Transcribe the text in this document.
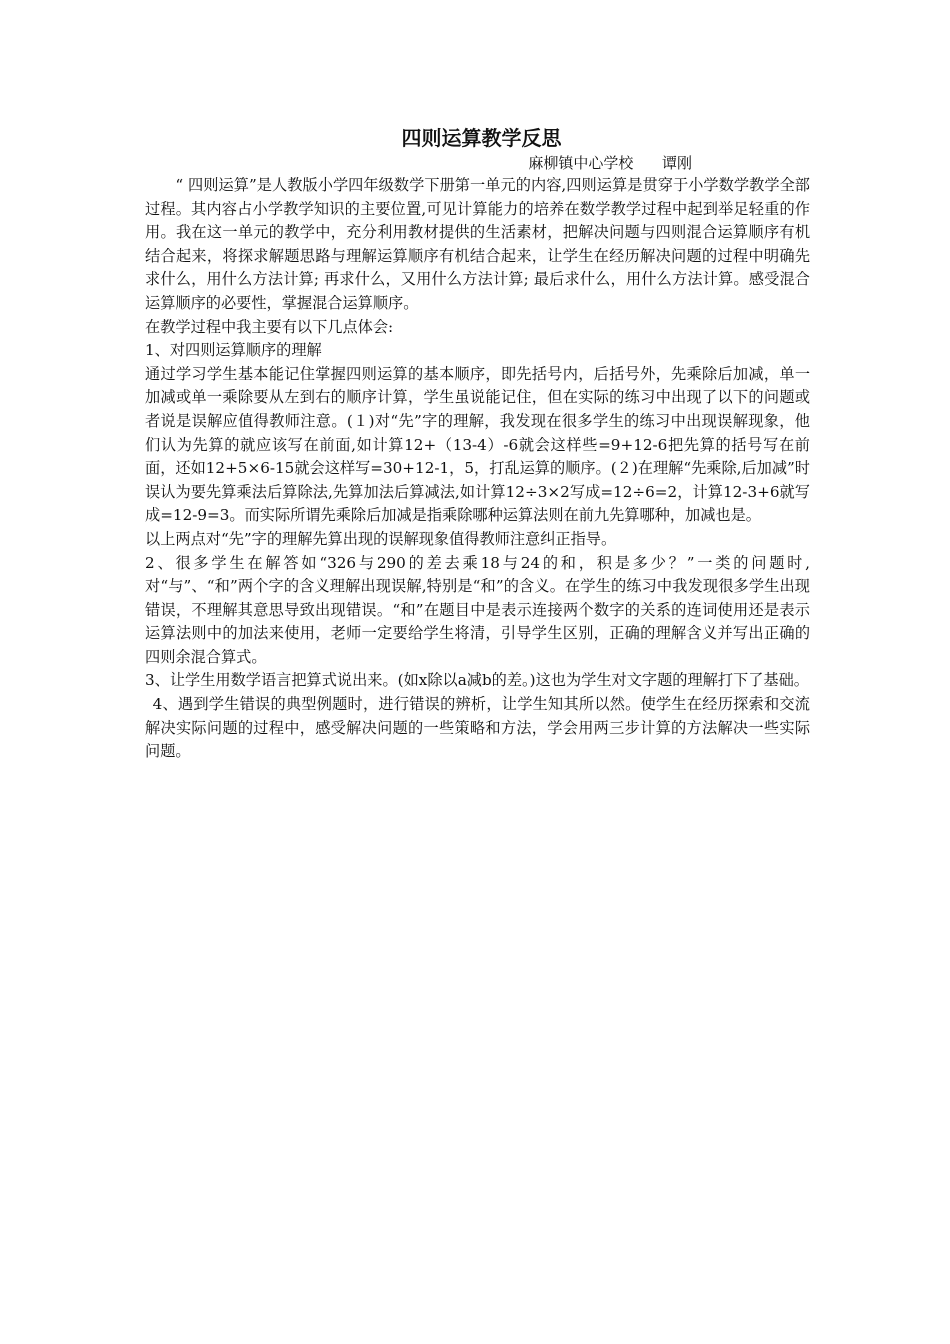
四则运算教学反思

麻柳镇中心学校      谭刚

“ 四则运算”是人教版小学四年级数学下册第一单元的内容,四则运算是贯穿于小学数学教学全部过程。其内容占小学教学知识的主要位置,可见计算能力的培养在数学教学过程中起到举足轻重的作用。我在这一单元的教学中，充分利用教材提供的生活素材，把解决问题与四则混合运算顺序有机结合起来，将探求解题思路与理解运算顺序有机结合起来，让学生在经历解决问题的过程中明确先求什么，用什么方法计算; 再求什么，又用什么方法计算; 最后求什么，用什么方法计算。感受混合运算顺序的必要性，掌握混合运算顺序。

在教学过程中我主要有以下几点体会:

1、对四则运算顺序的理解

通过学习学生基本能记住掌握四则运算的基本顺序，即先括号内，后括号外，先乘除后加减，单一加减或单一乘除要从左到右的顺序计算，学生虽说能记住，但在实际的练习中出现了以下的问题或者说是误解应值得教师注意。(１)对“先”字的理解，我发现在很多学生的练习中出现误解现象，他们认为先算的就应该写在前面,如计算12+（13-4）-6就会这样些=9+12-6把先算的括号写在前面，还如12+5×6-15就会这样写=30+12-1，5，打乱运算的顺序。(２)在理解“先乘除,后加减”时误认为要先算乘法后算除法,先算加法后算减法,如计算12÷3×2写成=12÷6=2，计算12-3+6就写成=12-9=3。而实际所谓先乘除后加减是指乘除哪种运算法则在前九先算哪种，加减也是。

以上两点对“先”字的理解先算出现的误解现象值得教师注意纠正指导。

2、很多学生在解答如“326与290的差去乘18与24的和，积是多少？”一类的问题时,对“与”、“和”两个字的含义理解出现误解,特别是“和”的含义。在学生的练习中我发现很多学生出现错误，不理解其意思导致出现错误。“和”在题目中是表示连接两个数字的关系的连词使用还是表示运算法则中的加法来使用，老师一定要给学生将清，引导学生区别，正确的理解含义并写出正确的四则余混合算式。

3、让学生用数学语言把算式说出来。(如x除以a减b的差。)这也为学生对文字题的理解打下了基础。

4、遇到学生错误的典型例题时，进行错误的辨析，让学生知其所以然。使学生在经历探索和交流解决实际问题的过程中，感受解决问题的一些策略和方法，学会用两三步计算的方法解决一些实际问题。
